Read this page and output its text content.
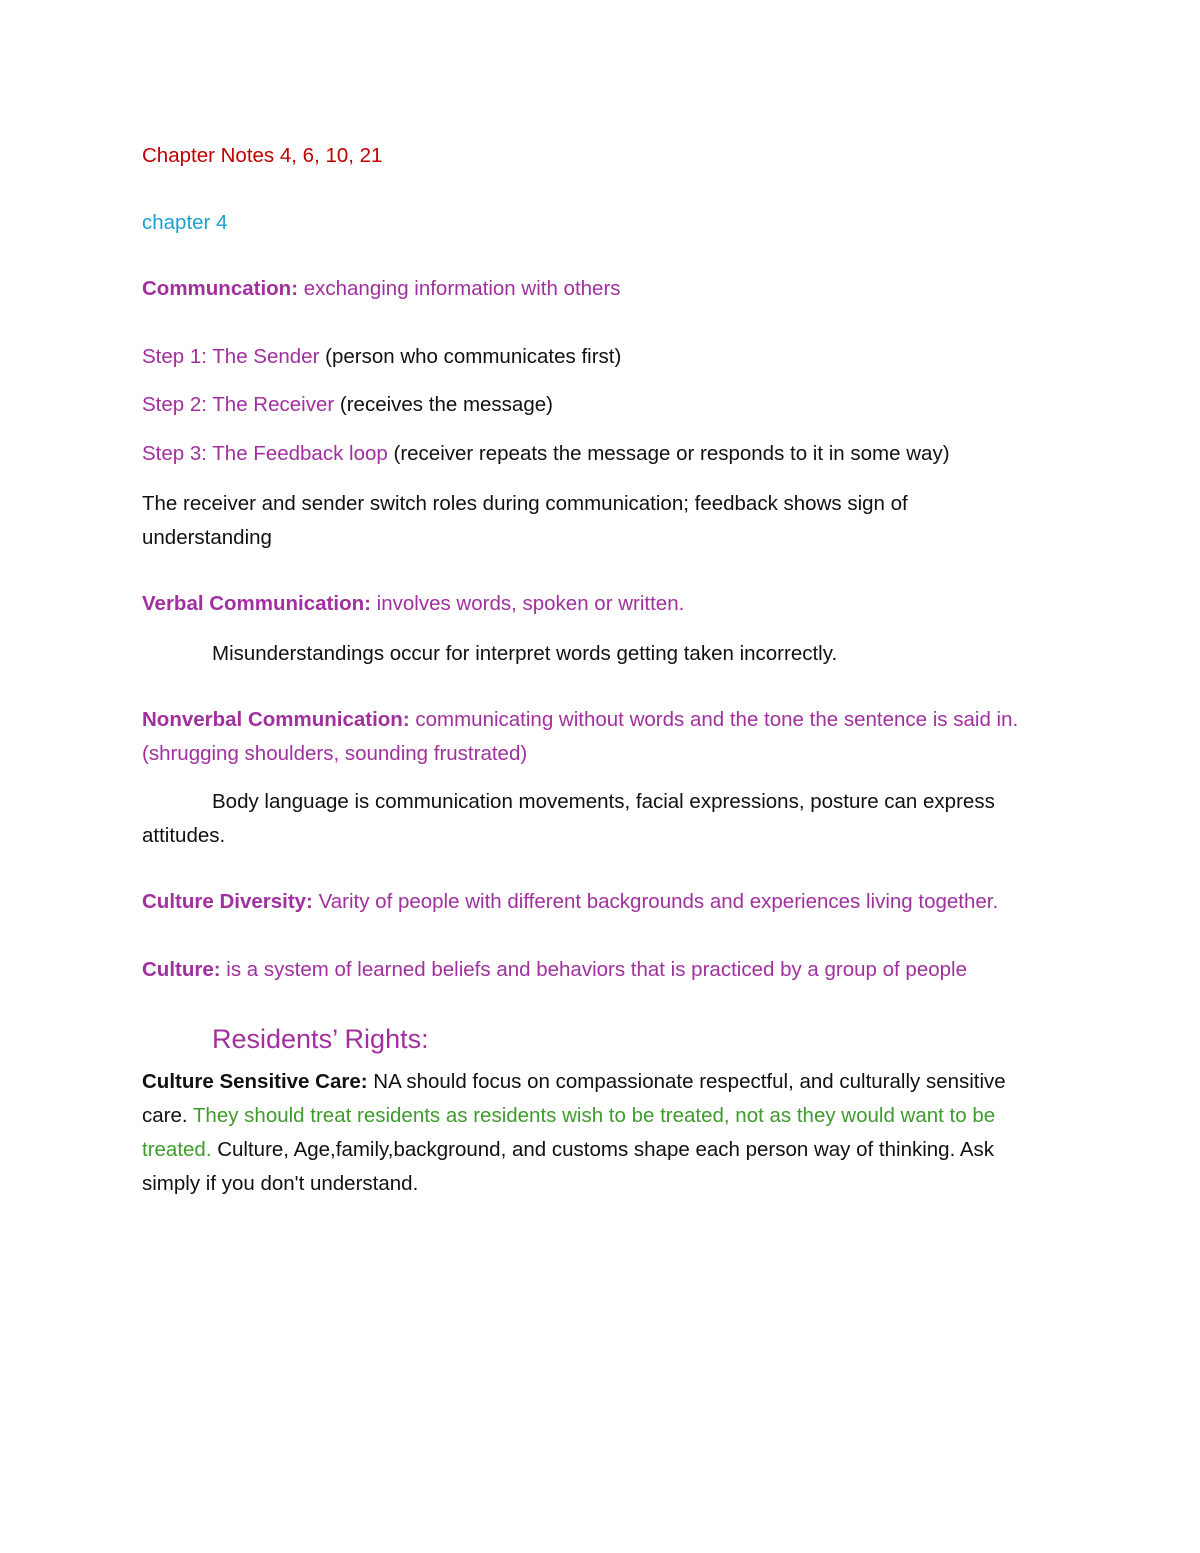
Chapter Notes 4, 6, 10, 21

chapter 4

Communcation: exchanging information with others

Step 1: The Sender (person who communicates first)

Step 2: The Receiver (receives the message)

Step 3: The Feedback loop (receiver repeats the message or responds to it in some way)

The receiver and sender switch roles during communication; feedback shows sign of understanding

Verbal Communication: involves words, spoken or written.

Misunderstandings occur for interpret words getting taken incorrectly.

Nonverbal Communication: communicating without words and the tone the sentence is said in. (shrugging shoulders, sounding frustrated)

Body language is communication movements, facial expressions, posture can express attitudes.

Culture Diversity: Varity of people with different backgrounds and experiences living together.

Culture: is a system of learned beliefs and behaviors that is practiced by a group of people

Residents’ Rights:

Culture Sensitive Care: NA should focus on compassionate respectful, and culturally sensitive care. They should treat residents as residents wish to be treated, not as they would want to be treated. Culture, Age,family,background, and customs shape each person way of thinking. Ask simply if you don't understand.
